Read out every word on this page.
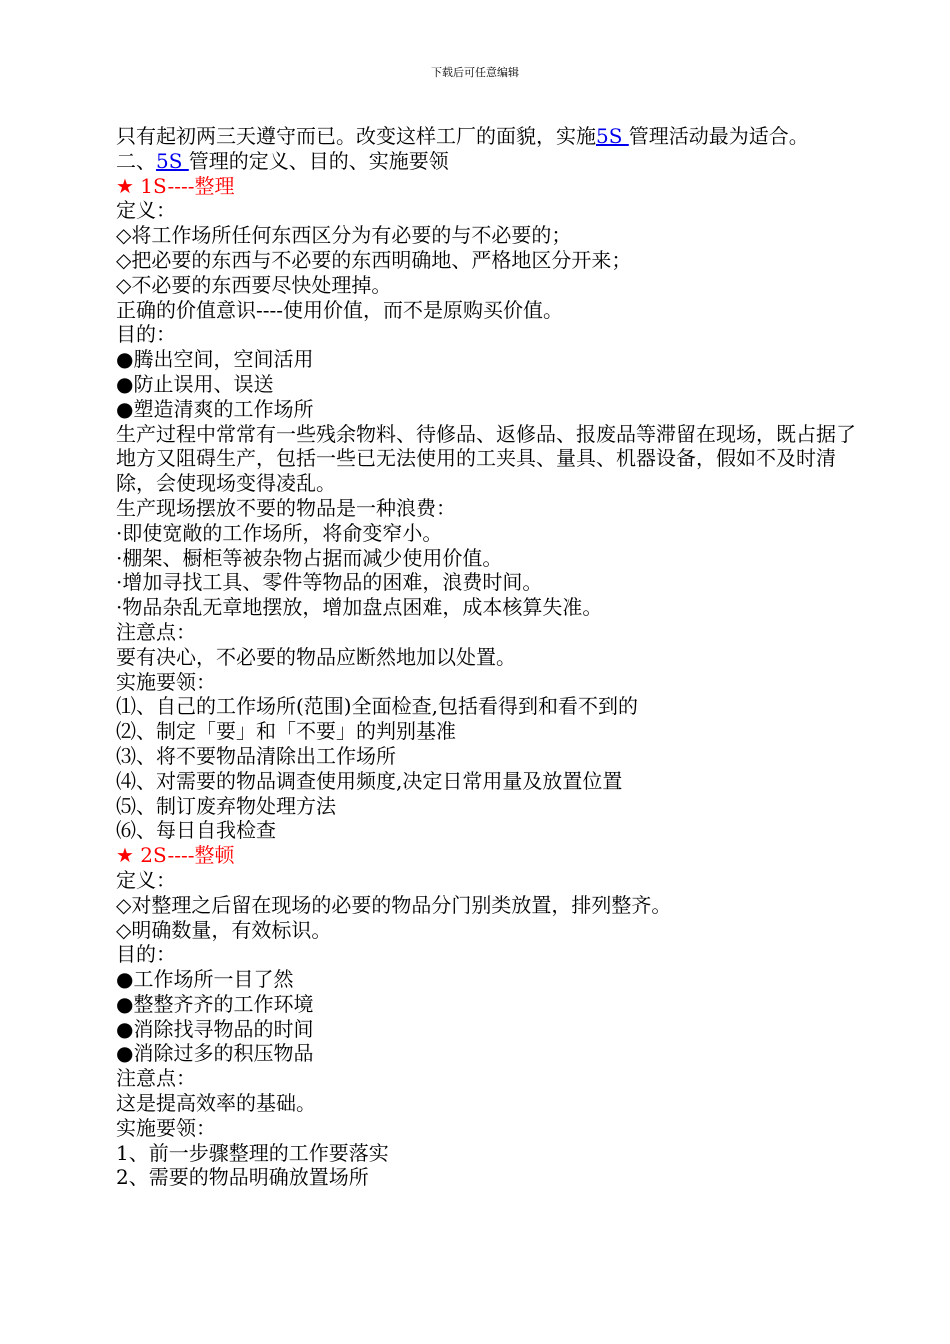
下载后可任意编辑

只有起初两三天遵守而已。改变这样工厂的面貌，实施5S 管理活动最为适合。

二、5S 管理的定义、目的、实施要领

★ 1S----整理

定义：

◇将工作场所任何东西区分为有必要的与不必要的；

◇把必要的东西与不必要的东西明确地、严格地区分开来；

◇不必要的东西要尽快处理掉。

正确的价值意识----使用价值，而不是原购买价值。

目的：

●腾出空间，空间活用

●防止误用、误送

●塑造清爽的工作场所

生产过程中常常有一些残余物料、待修品、返修品、报废品等滞留在现场，既占据了地方又阻碍生产，包括一些已无法使用的工夹具、量具、机器设备，假如不及时清除，会使现场变得凌乱。

生产现场摆放不要的物品是一种浪费：

·即使宽敞的工作场所，将俞变窄小。

·棚架、橱柜等被杂物占据而减少使用价值。

·增加寻找工具、零件等物品的困难，浪费时间。

·物品杂乱无章地摆放，增加盘点困难，成本核算失准。

注意点：

要有决心，不必要的物品应断然地加以处置。

实施要领：

⑴、自己的工作场所(范围)全面检查,包括看得到和看不到的

⑵、制定「要」和「不要」的判别基准

⑶、将不要物品清除出工作场所

⑷、对需要的物品调查使用频度,决定日常用量及放置位置

⑸、制订废弃物处理方法

⑹、每日自我检查

★ 2S----整顿

定义：

◇对整理之后留在现场的必要的物品分门别类放置，排列整齐。

◇明确数量，有效标识。

目的：

●工作场所一目了然

●整整齐齐的工作环境

●消除找寻物品的时间

●消除过多的积压物品

注意点：

这是提高效率的基础。

实施要领：

1、前一步骤整理的工作要落实

2、需要的物品明确放置场所
